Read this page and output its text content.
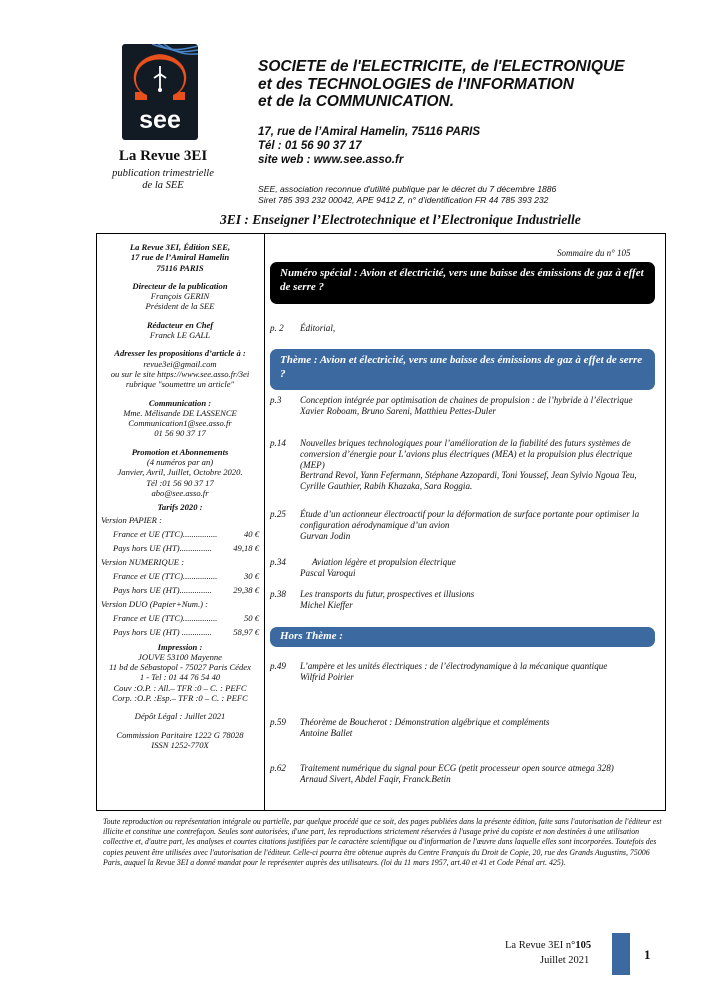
see
La Revue 3EI
publication trimestrielle
de la SEE
SOCIETE de l'ELECTRICITE, de l'ELECTRONIQUE
et des TECHNOLOGIES de l'INFORMATION
et de la COMMUNICATION.
17, rue de l’Amiral Hamelin, 75116 PARIS
Tél : 01 56 90 37 17
site web : www.see.asso.fr
SEE, association reconnue d'utilité publique par le décret du 7 décembre 1886
Siret 785 393 232 00042, APE 9412 Z, n° d'identification FR 44 785 393 232
3EI : Enseigner l’Electrotechnique et l’Electronique Industrielle
La Revue 3EI, Édition SEE,
17 rue de l’Amiral Hamelin
75116 PARIS
Directeur de la publication
François GERIN
Président de la SEE
Rédacteur en Chef
Franck LE GALL
Adresser les propositions d’article à :
revue3ei@gmail.com
ou sur le site https://www.see.asso.fr/3ei
rubrique "soumettre un article"
Communication :
Mme. Mélisande DE LASSENCE
Communication1@see.asso.fr
01 56 90 37 17
Promotion et Abonnements
(4 numéros par an)
Janvier, Avril, Juillet, Octobre 2020.
Tél :01 56 90 37 17
abo@see.asso.fr
Tarifs 2020 :
Version PAPIER :
France et UE (TTC)................	40 €
Pays hors UE (HT)............... 49,18 €
Version NUMERIQUE :
France et UE (TTC)................	30 €
Pays hors UE (HT)............... 29,38 €
Version DUO (Papier+Num.) :
France et UE (TTC)................	50 €
Pays hors UE (HT) .............. 58,97 €
Impression :
JOUVE 53100 Mayenne
11 bd de Sébastopol - 75027 Paris Cédex
1 - Tel : 01 44 76 54 40
Couv :O.P. : All.– TFR :0 – C. : PEFC
Corp. :O.P. :Esp.– TFR :0 – C. : PEFC
Dépôt Légal : Juillet 2021
Commission Paritaire 1222 G 78028
ISSN 1252-770X
Sommaire du n° 105
Numéro spécial : Avion et électricité, vers une baisse des émissions de gaz à effet de serre ?
p. 2 Éditorial,
Thème : Avion et électricité, vers une baisse des émissions de gaz à effet de serre ?
p.3 Conception intégrée par optimisation de chaines de propulsion : de l’hybride à l’électrique
Xavier Roboam, Bruno Sareni, Matthieu Pettes-Duler
p.14 Nouvelles briques technologiques pour l’amélioration de la fiabilité des futurs systèmes de conversion d’énergie pour L’avions plus électriques (MEA) et la propulsion plus électrique (MEP)
Bertrand Revol, Yann Fefermann, Stéphane Azzopardi, Toni Youssef, Jean Sylvio Ngoua Teu, Cyrille Gauthier, Rabih Khazaka, Sara Roggia.
p.25 Étude d’un actionneur électroactif pour la déformation de surface portante pour optimiser la configuration aérodynamique d’un avion
Gurvan Jodin
p.34	Aviation légère et propulsion électrique
Pascal Varoqui
p.38 Les transports du futur, prospectives et illusions
Michel Kieffer
Hors Thème :
p.49 L’ampère et les unités électriques : de l’électrodynamique à la mécanique quantique
Wilfrid Poirier
p.59 Théorème de Boucherot : Démonstration algébrique et compléments
Antoine Ballet
p.62 Traitement numérique du signal pour ECG (petit processeur open source atmega 328)
Arnaud Sivert, Abdel Faqir, Franck.Betin
Toute reproduction ou représentation intégrale ou partielle, par quelque procédé que ce soit, des pages publiées dans la présente édition, faite sans l'autorisation de l'éditeur est illicite et constitue une contrefaçon. Seules sont autorisées, d'une part, les reproductions strictement réservées à l'usage privé du copiste et non destinées à une utilisation collective et, d'autre part, les analyses et courtes citations justifiées par le caractère scientifique ou d'information de l'œuvre dans laquelle elles sont incorporées. Toutefois des copies peuvent être utilisées avec l'autorisation de l'éditeur. Celle-ci pourra être obtenue auprès du Centre Français du Droit de Copie, 20, rue des Grands Augustins, 75006 Paris, auquel la Revue 3EI a donné mandat pour le représenter auprès des utilisateurs. (loi du 11 mars 1957, art.40 et 41 et Code Pénal art. 425).
La Revue 3EI n°105
Juillet 2021	1
